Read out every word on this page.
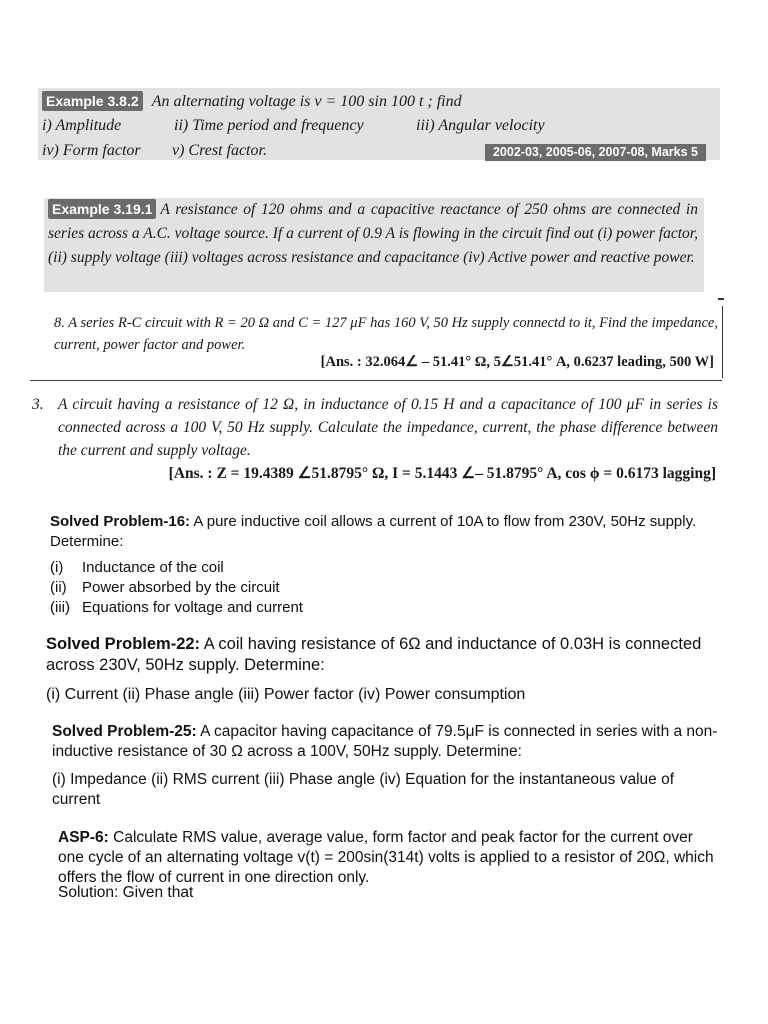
Example 3.8.2 An alternating voltage is v = 100 sin 100 t ; find
i) Amplitude	ii) Time period and frequency	iii) Angular velocity
iv) Form factor v) Crest factor.	2002-03, 2005-06, 2007-08, Marks 5
Example 3.19.1 A resistance of 120 ohms and a capacitive reactance of 250 ohms are connected in series across a A.C. voltage source. If a current of 0.9 A is flowing in the circuit find out (i) power factor, (ii) supply voltage (iii) voltages across resistance and capacitance (iv) Active power and reactive power.
8. A series R-C circuit with R = 20 Ω and C = 127 μF has 160 V, 50 Hz supply connectd to it, Find the impedance, current, power factor and power.
[Ans. : 32.064∠ – 51.41° Ω, 5∠51.41° A, 0.6237 leading, 500 W]
3. A circuit having a resistance of 12 Ω, in inductance of 0.15 H and a capacitance of 100 μF in series is connected across a 100 V, 50 Hz supply. Calculate the impedance, current, the phase difference between the current and supply voltage.
[Ans. : Z = 19.4389 ∠51.8795° Ω, I = 5.1443 ∠– 51.8795° A, cos ϕ = 0.6173 lagging]
Solved Problem-16: A pure inductive coil allows a current of 10A to flow from 230V, 50Hz supply. Determine:
(i) Inductance of the coil
(ii) Power absorbed by the circuit
(iii) Equations for voltage and current
Solved Problem-22: A coil having resistance of 6Ω and inductance of 0.03H is connected across 230V, 50Hz supply. Determine:
(i) Current (ii) Phase angle (iii) Power factor (iv) Power consumption
Solved Problem-25: A capacitor having capacitance of 79.5μF is connected in series with a non-inductive resistance of 30 Ω across a 100V, 50Hz supply. Determine:
(i) Impedance (ii) RMS current (iii) Phase angle (iv) Equation for the instantaneous value of current
ASP-6: Calculate RMS value, average value, form factor and peak factor for the current over one cycle of an alternating voltage v(t) = 200sin(314t) volts is applied to a resistor of 20Ω, which offers the flow of current in one direction only.
Solution: Given that
